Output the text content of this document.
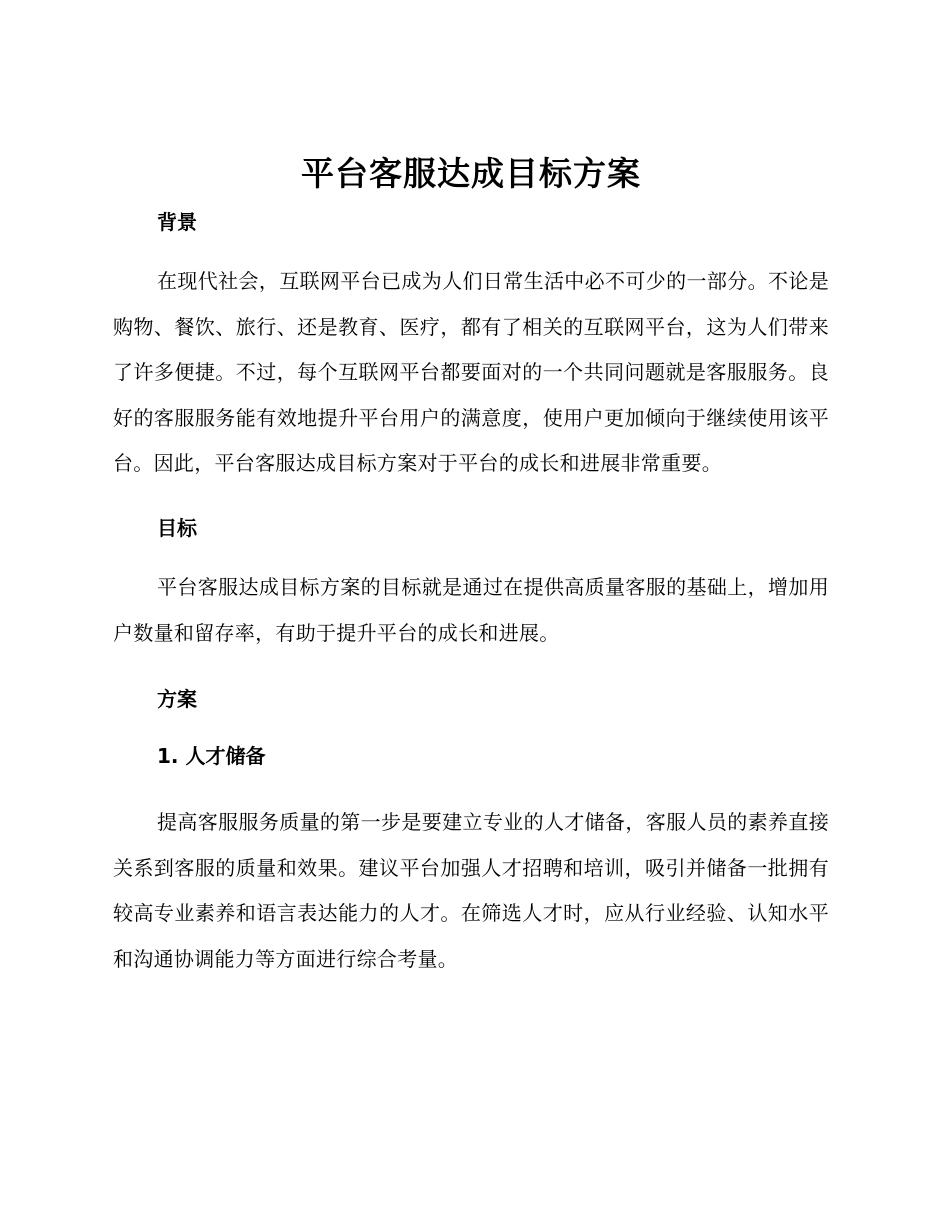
平台客服达成目标方案
背景

在现代社会，互联网平台已成为人们日常生活中必不可少的一部分。不论是购物、餐饮、旅行、还是教育、医疗，都有了相关的互联网平台，这为人们带来了许多便捷。不过，每个互联网平台都要面对的一个共同问题就是客服服务。良好的客服服务能有效地提升平台用户的满意度，使用户更加倾向于继续使用该平台。因此，平台客服达成目标方案对于平台的成长和进展非常重要。

目标

平台客服达成目标方案的目标就是通过在提供高质量客服的基础上，增加用户数量和留存率，有助于提升平台的成长和进展。

方案
1. 人才储备

提高客服服务质量的第一步是要建立专业的人才储备，客服人员的素养直接关系到客服的质量和效果。建议平台加强人才招聘和培训，吸引并储备一批拥有较高专业素养和语言表达能力的人才。在筛选人才时，应从行业经验、认知水平和沟通协调能力等方面进行综合考量。
